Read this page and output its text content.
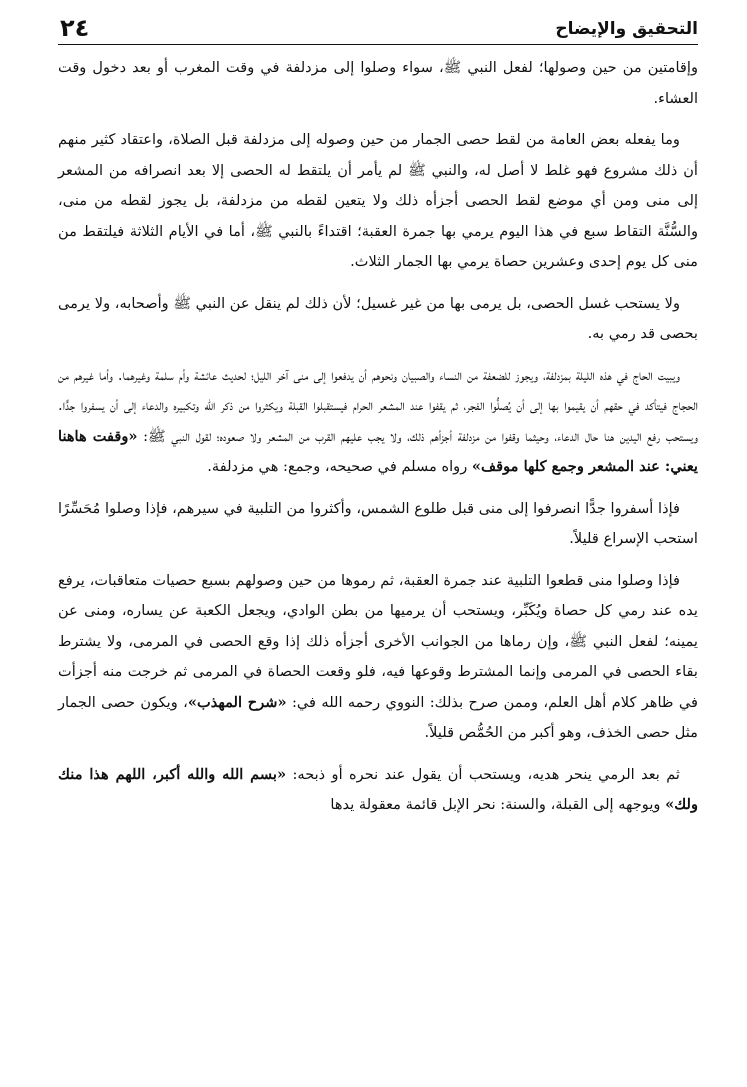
التحقيق والإيضاح
٢٤

وإقامتين من حين وصولها؛ لفعل النبي ﷺ، سواء وصلوا إلى مزدلفة في وقت المغرب أو بعد دخول وقت العشاء.

وما يفعله بعض العامة من لقط حصى الجمار من حين وصوله إلى مزدلفة قبل الصلاة، واعتقاد كثير منهم أن ذلك مشروع فهو غلط لا أصل له، والنبي ﷺ لم يأمر أن يلتقط له الحصى إلا بعد انصرافه من المشعر إلى منى ومن أي موضع لقط الحصى أجزأه ذلك ولا يتعين لقطه من مزدلفة، بل يجوز لقطه من منى، والسُّنَّة التقاط سبع في هذا اليوم يرمي بها جمرة العقبة؛ اقتداءً بالنبي ﷺ، أما في الأيام الثلاثة فيلتقط من منى كل يوم إحدى وعشرين حصاة يرمي بها الجمار الثلاث.

ولا يستحب غسل الحصى، بل يرمى بها من غير غسيل؛ لأن ذلك لم ينقل عن النبي ﷺ وأصحابه، ولا يرمى بحصى قد رمي به.

ويبيت الحاج في هذه الليلة بمزدلفة، ويجوز للضعفة من النساء والصبيان ونحوهم أن يدفعوا إلى منى آخر الليل؛ لحديث عائشة وأم سلمة وغيرهما. وأما غيرهم من الحجاج فيتأكد في حقهم أن يقيموا بها إلى أن يُصلُّوا الفجر، ثم يقفوا عند المشعر الحرام فيستقبلوا القبلة ويكثروا من ذكر الله وتكبيره والدعاء إلى أن يسفروا جدًّا. ويستحب رفع اليدين هنا حال الدعاء، وحيثما وقفوا من مزدلفة أجزأهم ذلك، ولا يجب عليهم القرب من المشعر ولا صعوده؛ لقول النبي ﷺ: «وقفت هاهنا يعني: عند المشعر وجمع كلها موقف» رواه مسلم في صحيحه، وجمع: هي مزدلفة.

فإذا أسفروا جدًّا انصرفوا إلى منى قبل طلوع الشمس، وأكثروا من التلبية في سيرهم، فإذا وصلوا مُحَسِّرًا استحب الإسراع قليلاً.

فإذا وصلوا منى قطعوا التلبية عند جمرة العقبة، ثم رموها من حين وصولهم بسبع حصيات متعاقبات، يرفع يده عند رمي كل حصاة ويُكَبِّر، ويستحب أن يرميها من بطن الوادي، ويجعل الكعبة عن يساره، ومنى عن يمينه؛ لفعل النبي ﷺ، وإن رماها من الجوانب الأخرى أجزأه ذلك إذا وقع الحصى في المرمى، ولا يشترط بقاء الحصى في المرمى وإنما المشترط وقوعها فيه، فلو وقعت الحصاة في المرمى ثم خرجت منه أجزأت في ظاهر كلام أهل العلم، وممن صرح بذلك: النووي رحمه الله في: «شرح المهذب»، ويكون حصى الجمار مثل حصى الخذف، وهو أكبر من الحُمُّص قليلاً.

ثم بعد الرمي ينحر هديه، ويستحب أن يقول عند نحره أو ذبحه: «بسم الله والله أكبر، اللهم هذا منك ولك» ويوجهه إلى القبلة، والسنة: نحر الإبل قائمة معقولة يدها
